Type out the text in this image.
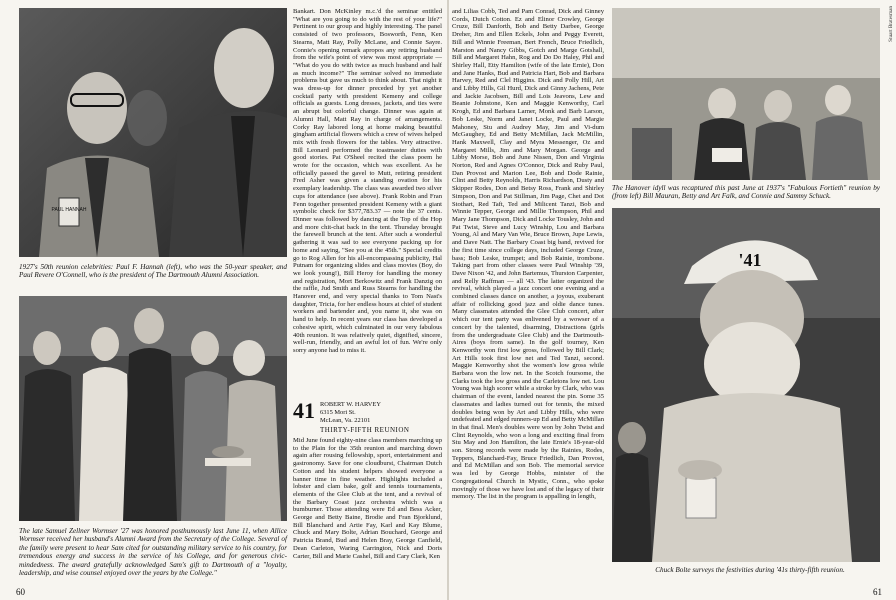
PAUL HANNAH
1927's 50th reunion celebrities: Paul F. Hannah (left), who was the 50-year speaker, and Paul Revere O'Connell, who is the president of The Dartmouth Alumni Association.
The late Samuel Zellner Wormser '27 was honored posthumously last June 11, when Allice Wormser received her husband's Alumni Award from the Secretary of the College. Several of the family were present to hear Sam cited for outstanding military service to his country, for tremendous energy and success in the service of his College, and for generous civic-mindedness. The award gratefully acknowledged Sam's gift to Dartmouth of a "loyalty, leadership, and wise counsel enjoyed over the years by the College."
Bankart. Don McKinley m.c.'d the seminar entitled "What are you going to do with the rest of your life?" Pertinent to our group and highly interesting. The panel consisted of two professors, Bosworth, Fenn, Ken Stearns, Matt Ray, Polly McLane, and Connie Sayre. Connie's opening remark apropos any retiring husband from the wife's point of view was most appropriate — "What do you do with twice as much husband and half as much income?" The seminar solved no immediate problems but gave us much to think about. That night it was dress-up for dinner preceded by yet another cocktail party with president Kemeny and college officials as guests. Long dresses, jackets, and ties were an abrupt but colorful change. Dinner was again at Alumni Hall, Matt Ray in charge of arrangements. Corky Ray labored long at home making beautiful gingham artificial flowers which a crew of wives helped mix with fresh flowers for the tables. Very attractive. Bill Leonard performed the toastmaster duties with good stories. Pat O'Sheel recited the class poem he wrote for the occasion, which was excellent. As he officially passed the gavel to Mutt, retiring president Fred Asher was given a standing ovation for his exemplary leadership. The class was awarded two silver cups for attendance (see above). Frank Robin and Fran Fenn together presented president Kemeny with a giant symbolic check for $377,783.37 — note the 37 cents. Dinner was followed by dancing at the Top of the Hop and more chit-chat back in the tent. Thursday brought the farewell brunch at the tent. After such a wonderful gathering it was sad to see everyone packing up for home and saying, "See you at the 45th." Special credits go to Rog Allen for his all-encompassing publicity, Hal Putnam for organizing slides and class movies (Boy, do we look young!), Bill Heroy for handling the money and registration, Mort Berkowitz and Frank Danzig on the raffle, Jud Smith and Russ Stearns for handling the Hanover end, and very special thanks to Tom Nast's daughter, Tricia, for her endless hours at chief of student workers and bartender and, you name it, she was on hand to help. In recent years our class has developed a cohesive spirit, which culminated in our very fabulous 40th reunion. It was relatively quiet, dignified, sincere, well-run, friendly, and an awful lot of fun. We're only sorry anyone had to miss it.
41 ROBERT W. HARVEY
6315 Mori St.
McLean, Va. 22101
THIRTY-FIFTH REUNION
Mid June found eighty-nine class members marching up to the Plain for the 35th reunion and marching down again after rousing fellowship, sport, entertainment and gastronomy. Save for one cloudburst, Chairman Dutch Cotton and his student helpers showed everyone a banner time in fine weather. Highlights included a lobster and clam bake, golf and tennis tournaments, elements of the Glee Club at the tent, and a revival of the Barbary Coast jazz orchestra which was a bumburner. Those attending were Ed and Bess Acker, George and Betty Baine, Brodie and Fran Bjorklund, Bill Blanchard and Artie Fay, Karl and Kay Blume, Chuck and Mary Bolte, Adrian Bouchard, George and Patricia Brand, Bud and Helen Bray, George Canfield, Dean Carleton, Waring Carrington, Nick and Doris Carter, Bill and Marie Cashel, Bill and Cary Clark, Ken
60
and Lilias Cobb, Ted and Pam Conrad, Dick and Ginney Cords, Dutch Cotton. Ez and Elinor Crowley, George Cruze, Bill Danforth, Bob and Betty Darbee, George Dreher, Jim and Ellen Eckels, John and Peggy Everett, Bill and Winnie Freeman, Bert French, Bruce Friedlich, Marston and Nancy Gibbs, Gotch and Marge Gotshall, Bill and Margaret Hahn, Rog and Do Do Haley, Phil and Shirley Hall, Etty Hamilton (wife of the late Ernie), Don and Jane Hanks, Bud and Patricia Hart, Bob and Barbara Harvey, Red and Clel Higgins. Dick and Polly Hill, Art and Libby Hills, Gil Hurd, Dick and Ginny Jachens, Pete and Jackie Jacobsen, Bill and Lois Jeavons, Lew and Beanie Johnstone, Ken and Maggie Kenworthy, Carl Krogh, Ed and Barbara Larner, Monk and Barb Larson, Bob Leske, Norm and Janet Locke, Paul and Margie Mahoney, Stu and Audrey May, Jim and Vi-dum McGaughey, Ed and Betty McMillan, Jack McMillin, Hank Maxwell, Clay and Myra Messenger, Oz and Margaret Mills, Jim and Mary Morgan. George and Libby Morse, Bob and June Nissen, Don and Virginia Norton, Red and Agnes O'Connor, Dick and Ruby Paul, Dan Provost and Marion Lee, Bob and Dode Rainie, Clint and Betty Reynolds, Harris Richardson, Dusty and Skipper Rodes, Don and Betsy Ross, Frank and Shirley Simpson, Don and Pat Stillman, Jim Page, Chet and Dot Stothart, Red Taft, Ted and Milicent Tanzi, Bob and Winnie Tepper, George and Millie Thompson, Phil and Mary Jane Thompson, Dick and Locke Tousley, John and Pat Twist, Steve and Lucy Winship, Lou and Barbara Young, Al and Mary Van Wie, Bruce Brown, Jupe Lewis, and Dave Natt. The Barbary Coast big band, revived for the first time since college days, included George Cruze, bass; Bob Leske, trumpet; and Bob Rainie, trombone. Taking part from other classes were Paul Winship '39, Dave Nixon '42, and John Bartemus, Thurston Carpenter, and Relly Raffman — all '43. The latter organized the revival, which played a jazz concert one evening and a combined classes dance on another, a joyous, exuberant affair of rollicking good jazz and oldie dance tunes. Many classmates attended the Glee Club concert, after which our tent party was enlivened by a wowser of a concert by the talented, disarming, Distractions (girls from the undergraduate Glee Club) and the Dartmouth-Aires (boys from same). In the golf tourney, Ken Kenworthy won first low gross, followed by Bill Clark; Art Hills took first low net and Ted Tanzi, second. Maggie Kenworthy shot the women's low gross while Barbara won the low net. In the Scotch foursome, the Clarks took the low gross and the Carletons low net. Lou Young was high scorer while a stroke by Clark, who was chairman of the event, landed nearest the pin. Some 35 classmates and ladies turned out for tennis, the mixed doubles being won by Art and Libby Hills, who were undefeated and edged runners-up Ed and Betty McMillan in that final. Men's doubles were won by John Twist and Clint Reynolds, who won a long and exciting final from Stu May and Jon Hamilton, the late Ernie's 18-year-old son. Strong records were made by the Rainies, Rodes, Teppers, Blanchard-Fay, Bruce Friedlich, Dan Provost, and Ed McMillan and son Bob. The memorial service was led by George Hobbs, minister of the Congregational Church in Mystic, Conn., who spoke movingly of those we have lost and of the legacy of their memory. The list in the program is appalling in length,
The Hanover idyll was recaptured this past June at 1937's "Fabulous Fortieth" reunion by (from left) Bill Mauran, Betty and Art Falk, and Connie and Sammy Schuck.
'41
Chuck Bolte surveys the festivities during '41s thirty-fifth reunion.
Stuart Bratesman
61
